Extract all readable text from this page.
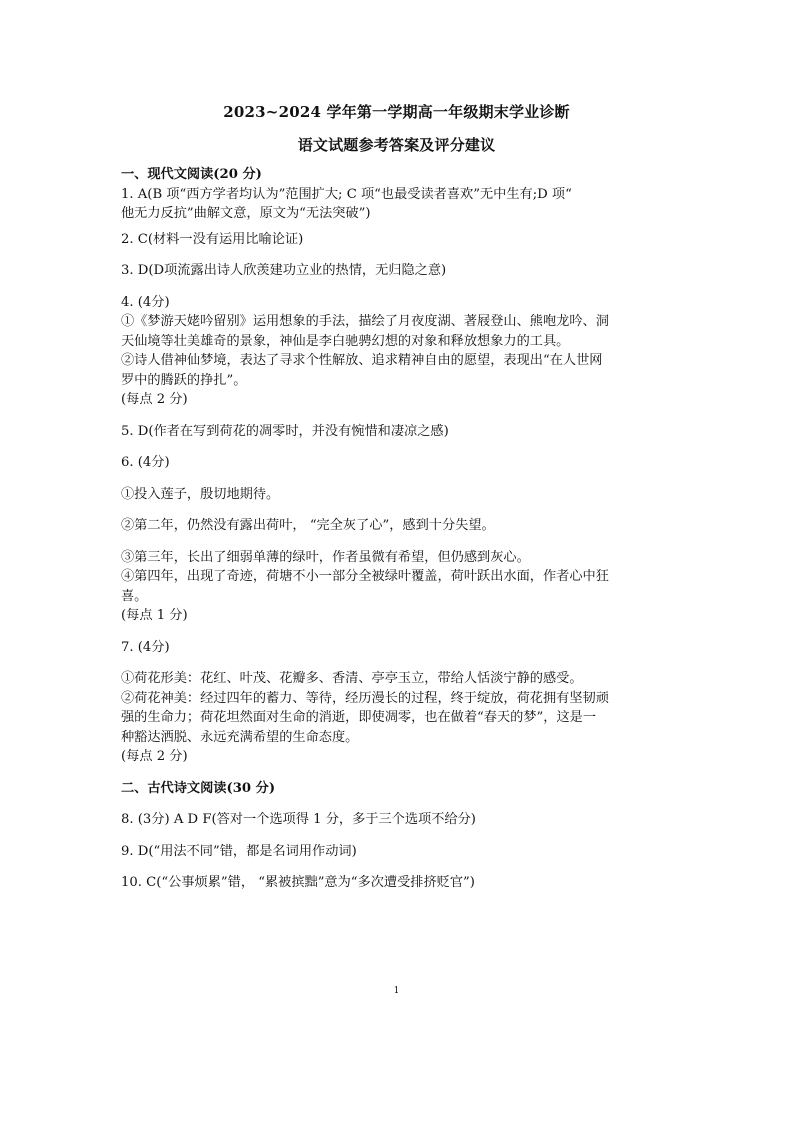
2023~2024 学年第一学期高一年级期末学业诊断
语文试题参考答案及评分建议
一、现代文阅读(20 分)
1. A(B 项“西方学者均认为”范围扩大; C 项“也最受读者喜欢”无中生有;D 项“
他无力反抗”曲解文意，原文为“无法突破”)
2. C(材料一没有运用比喻论证)
3. D(D项流露出诗人欣羡建功立业的热情，无归隐之意)
4. (4分)
①《梦游天姥吟留别》运用想象的手法，描绘了月夜度湖、著屐登山、熊咆龙吟、洞
天仙境等壮美雄奇的景象，神仙是李白驰骋幻想的对象和释放想象力的工具。
②诗人借神仙梦境，表达了寻求个性解放、追求精神自由的愿望，表现出“在人世网
罗中的腾跃的挣扎”。
(每点 2 分)
5. D(作者在写到荷花的凋零时，并没有惋惜和凄凉之感)
6. (4分)
①投入莲子，殷切地期待。
②第二年，仍然没有露出荷叶， “完全灰了心”，感到十分失望。
③第三年，长出了细弱单薄的绿叶，作者虽微有希望，但仍感到灰心。
④第四年，出现了奇迹，荷塘不小一部分全被绿叶覆盖，荷叶跃出水面，作者心中狂
喜。
(每点 1 分)
7. (4分)
①荷花形美：花红、叶茂、花瓣多、香清、亭亭玉立，带给人恬淡宁静的感受。
②荷花神美：经过四年的蓄力、等待，经历漫长的过程，终于绽放，荷花拥有坚韧顽
强的生命力；荷花坦然面对生命的消逝，即使凋零，也在做着“春天的梦”，这是一
种豁达洒脱、永远充满希望的生命态度。
(每点 2 分)
二、古代诗文阅读(30 分)
8. (3分) A D F(答对一个选项得 1 分，多于三个选项不给分)
9. D(“用法不同”错，都是名词用作动词)
10. C(“公事烦累”错， “累被摈黜”意为“多次遭受排挤贬官”)
1
